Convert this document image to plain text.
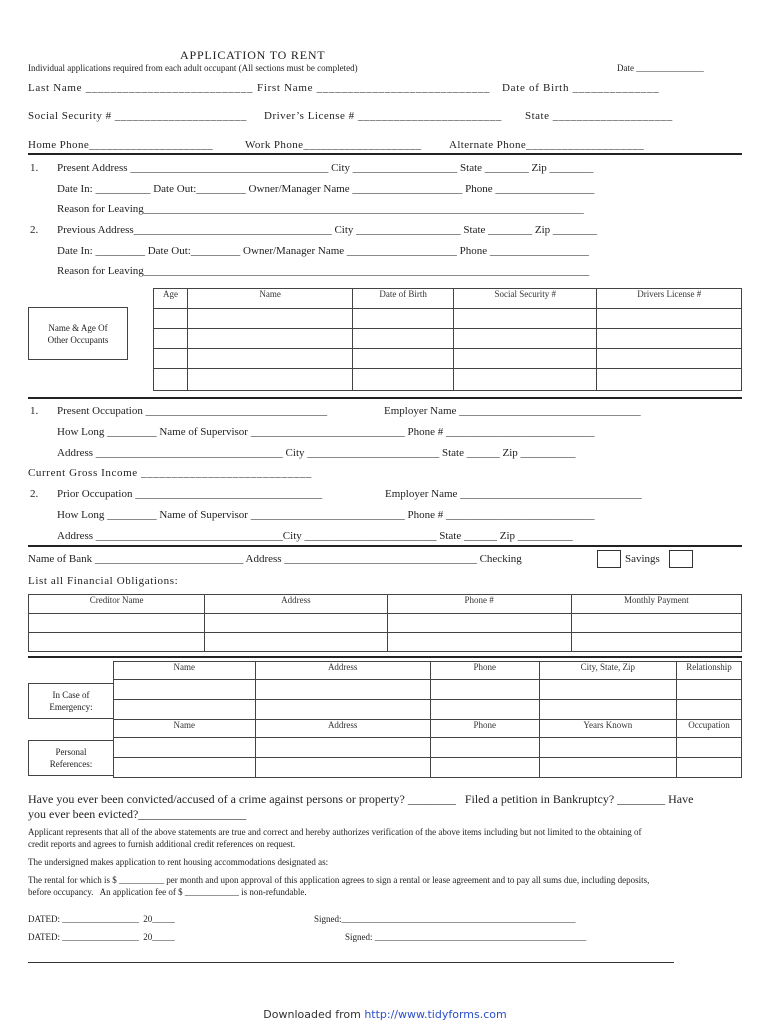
APPLICATION TO RENT
Individual applications required from each adult occupant (All sections must be completed)	Date _______________
Last Name ___________________________ First Name ____________________________ Date of Birth ______________
Social Security # ______________________ Driver’s License # ________________________ State ____________________
Home Phone_____________________	Work Phone____________________	Alternate Phone____________________
1. Present Address ____________________________________ City ___________________ State ________ Zip ________
Date In: __________ Date Out:_________ Owner/Manager Name ____________________ Phone __________________
Reason for Leaving________________________________________________________________________________
2. Previous Address____________________________________ City ___________________ State ________ Zip ________
Date In: _________ Date Out:_________ Owner/Manager Name ____________________ Phone __________________
Reason for Leaving_________________________________________________________________________________
Name & Age Of Other Occupants
Age	Name	Date of Birth	Social Security #	Drivers License #

1. Present Occupation _________________________________	Employer Name _________________________________
How Long _________ Name of Supervisor ____________________________ Phone # ___________________________
Address __________________________________ City ________________________ State ______ Zip __________
Current Gross Income ____________________________
2. Prior Occupation __________________________________	Employer Name _________________________________
How Long _________ Name of Supervisor ____________________________ Phone # ___________________________
Address __________________________________City ________________________ State ______ Zip __________
Name of Bank ___________________________ Address ___________________________________ Checking	Savings
List all Financial Obligations:
Creditor Name	Address	Phone #	Monthly Payment

In Case of Emergency:
Name	Address	Phone	City, State, Zip	Relationship

Personal References:
Name	Address	Phone	Years Known	Occupation

Have you ever been convicted/accused of a crime against persons or property? ________   Filed a petition in Bankruptcy? ________ Have
you ever been evicted?__________________
Applicant represents that all of the above statements are true and correct and hereby authorizes verification of the above items including but not limited to the obtaining of
credit reports and agrees to furnish additional credit references on request.
The undersigned makes application to rent housing accommodations designated as:
The rental for which is $ __________ per month and upon approval of this application agrees to sign a rental or lease agreement and to pay all sums due, including deposits,
before occupancy.   An application fee of $ ____________ is non-refundable.
DATED: _________________  20_____	Signed:____________________________________________________
DATED: _________________  20_____	Signed: _______________________________________________
Downloaded from http://www.tidyforms.com
